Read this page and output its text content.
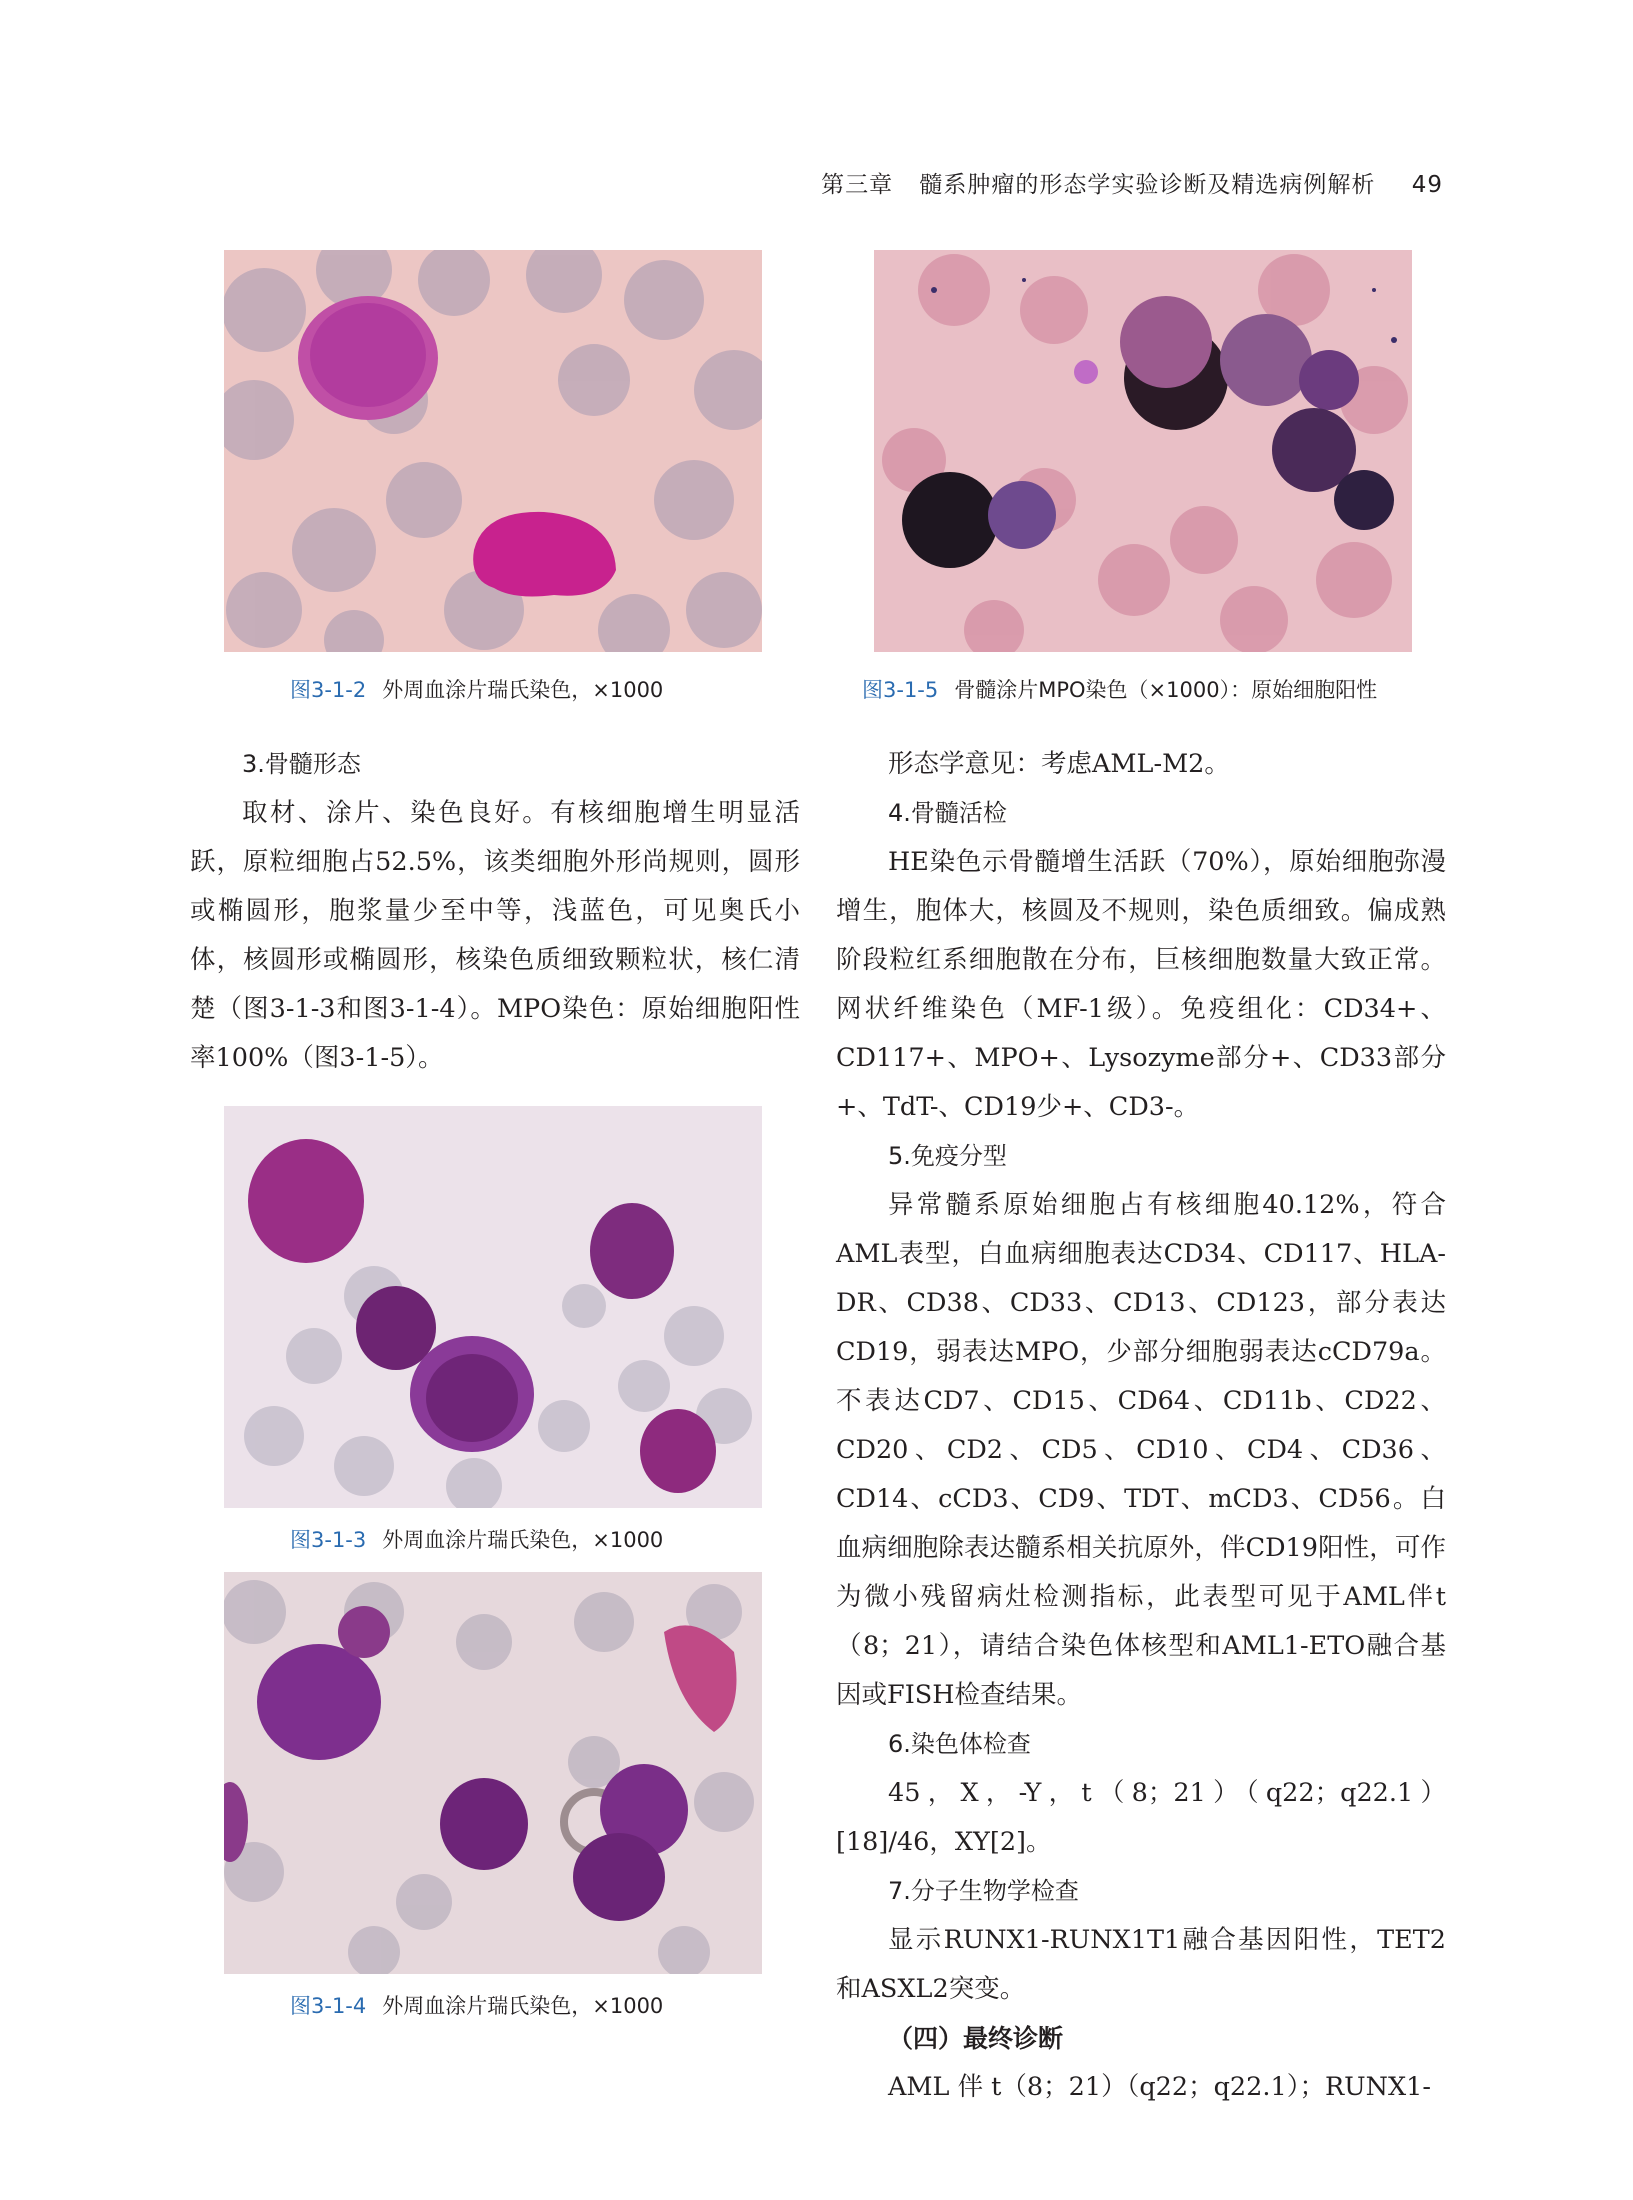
第三章 髓系肿瘤的形态学实验诊断及精选病例解析 49
图3-1-2 外周血涂片瑞氏染色，×1000	图3-1-5 骨髓涂片MPO染色（×1000）：原始细胞阳性

3.骨髓形态

取材、涂片、染色良好。有核细胞增生明显活跃，原粒细胞占52.5%，该类细胞外形尚规则，圆形或椭圆形，胞浆量少至中等，浅蓝色，可见奥氏小体，核圆形或椭圆形，核染色质细致颗粒状，核仁清楚（图3-1-3和图3-1-4）。MPO染色：原始细胞阳性率100%（图3-1-5）。

图3-1-3 外周血涂片瑞氏染色，×1000
图3-1-4 外周血涂片瑞氏染色，×1000

形态学意见：考虑AML-M2。

4.骨髓活检

HE染色示骨髓增生活跃（70%），原始细胞弥漫增生，胞体大，核圆及不规则，染色质细致。偏成熟阶段粒红系细胞散在分布，巨核细胞数量大致正常。网状纤维染色（MF-1级）。免疫组化：CD34+、CD117+、MPO+、Lysozyme部分+、CD33部分+、TdT-、CD19少+、CD3-。

5.免疫分型

异常髓系原始细胞占有核细胞40.12%，符合AML表型，白血病细胞表达CD34、CD117、HLA-DR、CD38、CD33、CD13、CD123，部分表达CD19，弱表达MPO，少部分细胞弱表达cCD79a。不表达CD7、CD15、CD64、CD11b、CD22、CD20、CD2、CD5、CD10、CD4、CD36、CD14、cCD3、CD9、TDT、mCD3、CD56。白血病细胞除表达髓系相关抗原外，伴CD19阳性，可作为微小残留病灶检测指标，此表型可见于AML伴t（8；21），请结合染色体核型和AML1-ETO融合基因或FISH检查结果。

6.染色体检查

45，X，-Y，t（8；21）（q22；q22.1）[18]/46，XY[2]。

7.分子生物学检查

显示RUNX1-RUNX1T1融合基因阳性，TET2和ASXL2突变。

（四）最终诊断

AML 伴 t（8；21）（q22；q22.1）；RUNX1-
